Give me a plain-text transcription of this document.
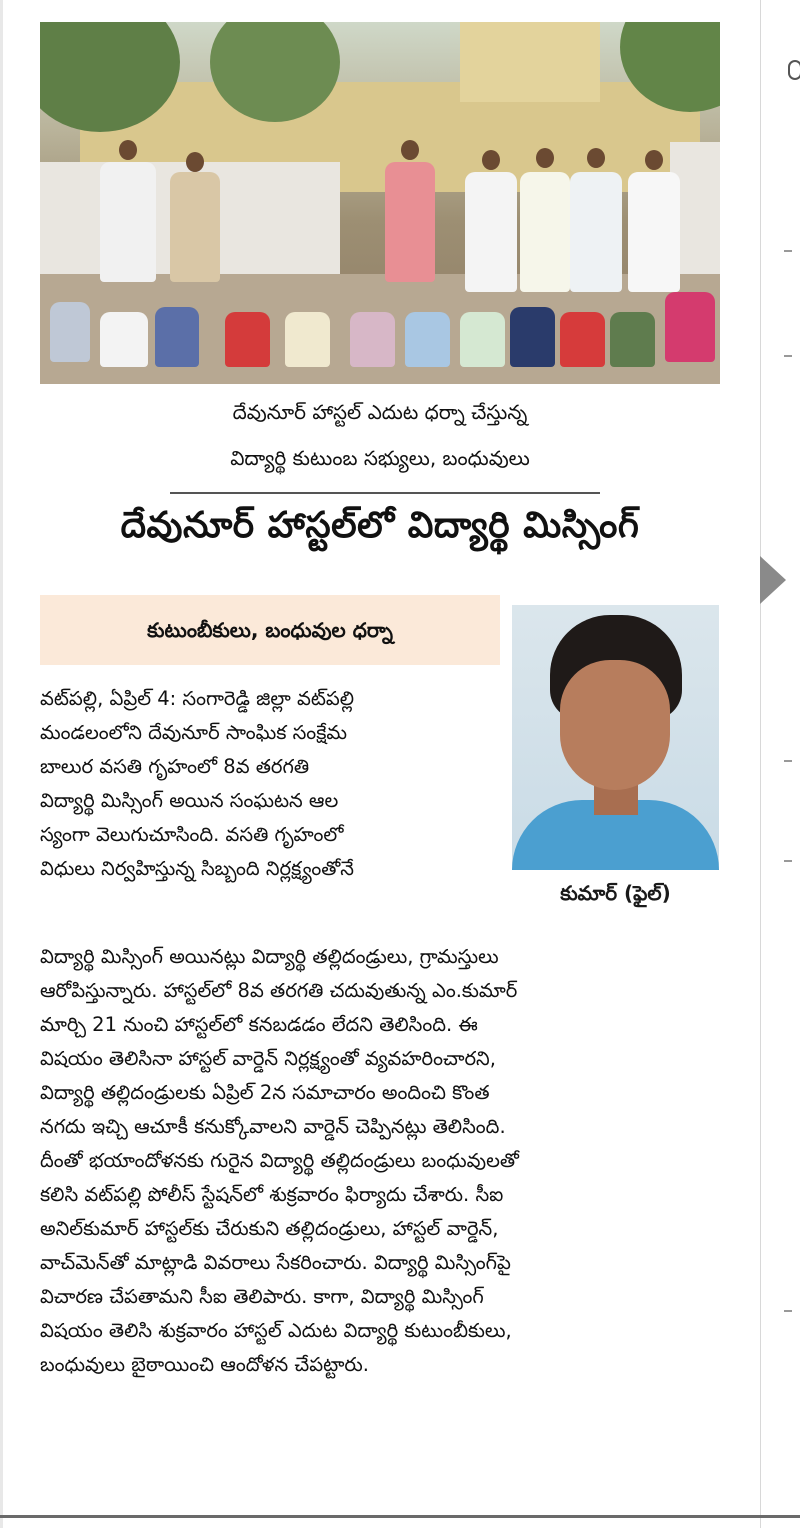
దేవునూర్ హాస్టల్ ఎదుట ధర్నా చేస్తున్న
విద్యార్థి కుటుంబ సభ్యులు, బంధువులు
దేవునూర్ హాస్టల్‌లో విద్యార్థి మిస్సింగ్
కుటుంబీకులు, బంధువుల ధర్నా
కుమార్ (ఫైల్)
వట్‌పల్లి, ఏప్రిల్ 4: సంగారెడ్డి జిల్లా వట్‌పల్లి
మండలంలోని దేవునూర్ సాంఘిక సంక్షేమ
బాలుర వసతి గృహంలో 8వ తరగతి
విద్యార్థి మిస్సింగ్ అయిన సంఘటన ఆల
స్యంగా వెలుగుచూసింది. వసతి గృహంలో
విధులు నిర్వహిస్తున్న సిబ్బంది నిర్లక్ష్యంతోనే
విద్యార్థి మిస్సింగ్ అయినట్లు విద్యార్థి తల్లిదండ్రులు, గ్రామస్తులు
ఆరోపిస్తున్నారు. హాస్టల్‌లో 8వ తరగతి చదువుతున్న ఎం.కుమార్
మార్చి 21 నుంచి హాస్టల్‌లో కనబడడం లేదని తెలిసింది. ఈ
విషయం తెలిసినా హాస్టల్ వార్డెన్ నిర్లక్ష్యంతో వ్యవహరించారని,
విద్యార్థి తల్లిదండ్రులకు ఏప్రిల్ 2న సమాచారం అందించి కొంత
నగదు ఇచ్చి ఆచూకీ కనుక్కోవాలని వార్డెన్ చెప్పినట్లు తెలిసింది.
దీంతో భయాందోళనకు గురైన విద్యార్థి తల్లిదండ్రులు బంధువులతో
కలిసి వట్‌పల్లి పోలీస్ స్టేషన్‌లో శుక్రవారం ఫిర్యాదు చేశారు. సీఐ
అనిల్‌కుమార్ హాస్టల్‌కు చేరుకుని తల్లిదండ్రులు, హాస్టల్ వార్డెన్,
వాచ్‌మెన్‌తో మాట్లాడి వివరాలు సేకరించారు. విద్యార్థి మిస్సింగ్‌పై
విచారణ చేపతామని సీఐ తెలిపారు. కాగా, విద్యార్థి మిస్సింగ్
విషయం తెలిసి శుక్రవారం హాస్టల్ ఎదుట విద్యార్థి కుటుంబీకులు,
బంధువులు బైఠాయించి ఆందోళన చేపట్టారు.
